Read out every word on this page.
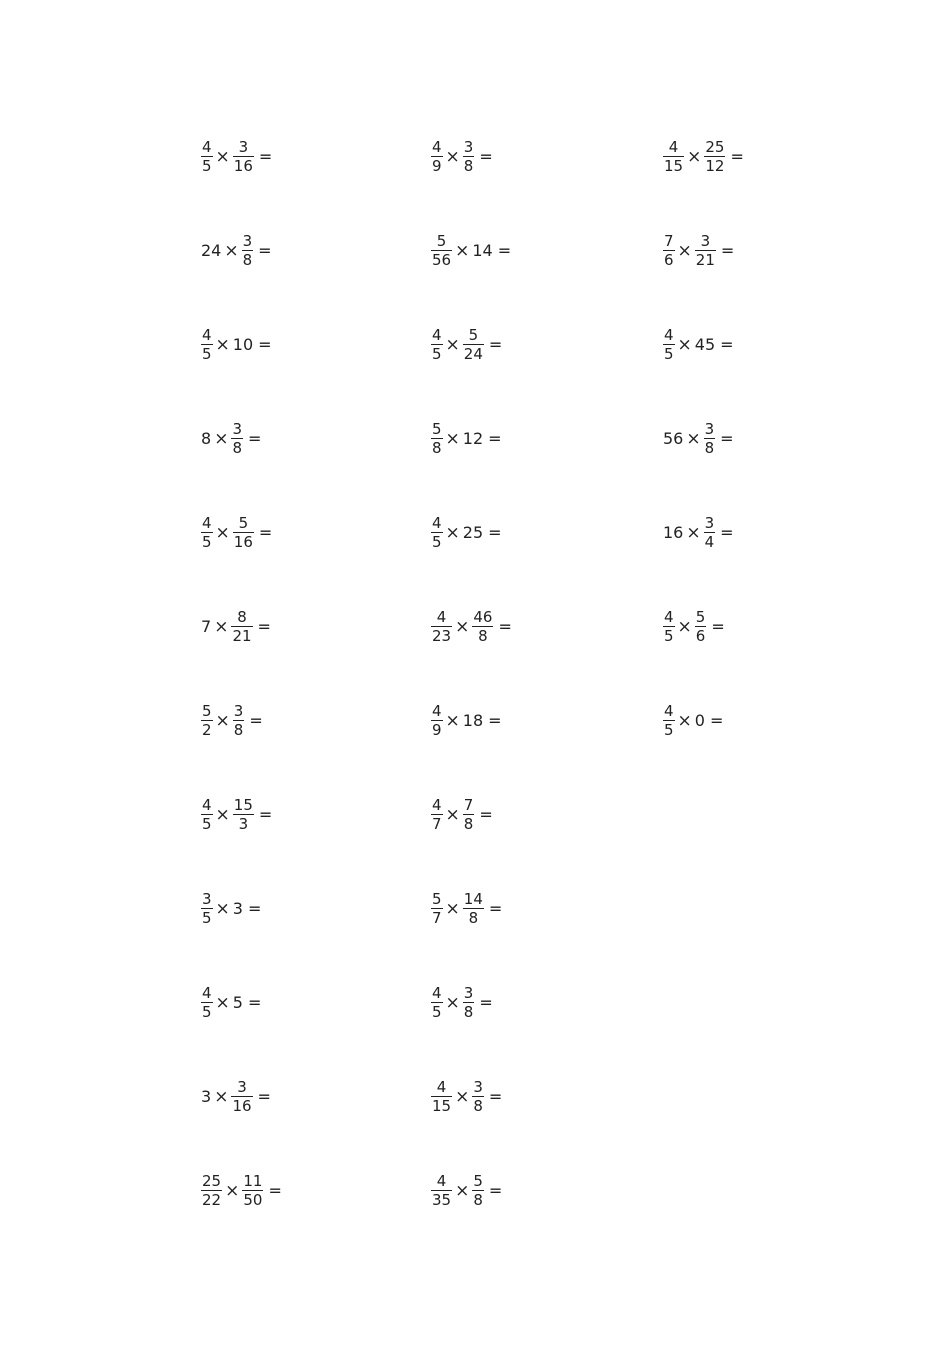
$\frac{4}{5} \times \frac{3}{16}$ =
$24 \times \frac{3}{8}$ =
$\frac{4}{5} \times 10$ =
$8 \times \frac{3}{8}$ =
$\frac{4}{5} \times \frac{5}{16}$ =
$7 \times \frac{8}{21}$ =
$\frac{5}{2} \times \frac{3}{8}$ =
$\frac{4}{5} \times \frac{15}{3}$ =
$\frac{3}{5} \times 3$ =
$\frac{4}{5} \times 5$ =
$3 \times \frac{3}{16}$ =
$\frac{25}{22} \times \frac{11}{50}$ =
$\frac{4}{9} \times \frac{3}{8}$ =
$\frac{5}{56} \times 14$ =
$\frac{4}{5} \times \frac{5}{24}$ =
$\frac{5}{8} \times 12$ =
$\frac{4}{5} \times 25$ =
$\frac{4}{23} \times \frac{46}{8}$ =
$\frac{4}{9} \times 18$ =
$\frac{4}{7} \times \frac{7}{8}$ =
$\frac{5}{7} \times \frac{14}{8}$ =
$\frac{4}{5} \times \frac{3}{8}$ =
$\frac{4}{15} \times \frac{3}{8}$ =
$\frac{4}{35} \times \frac{5}{8}$ =
$\frac{4}{15} \times \frac{25}{12}$ =
$\frac{7}{6} \times \frac{3}{21}$ =
$\frac{4}{5} \times 45$ =
$56 \times \frac{3}{8}$ =
$16 \times \frac{3}{4}$ =
$\frac{4}{5} \times \frac{5}{6}$ =
$\frac{4}{5} \times 0$ =
